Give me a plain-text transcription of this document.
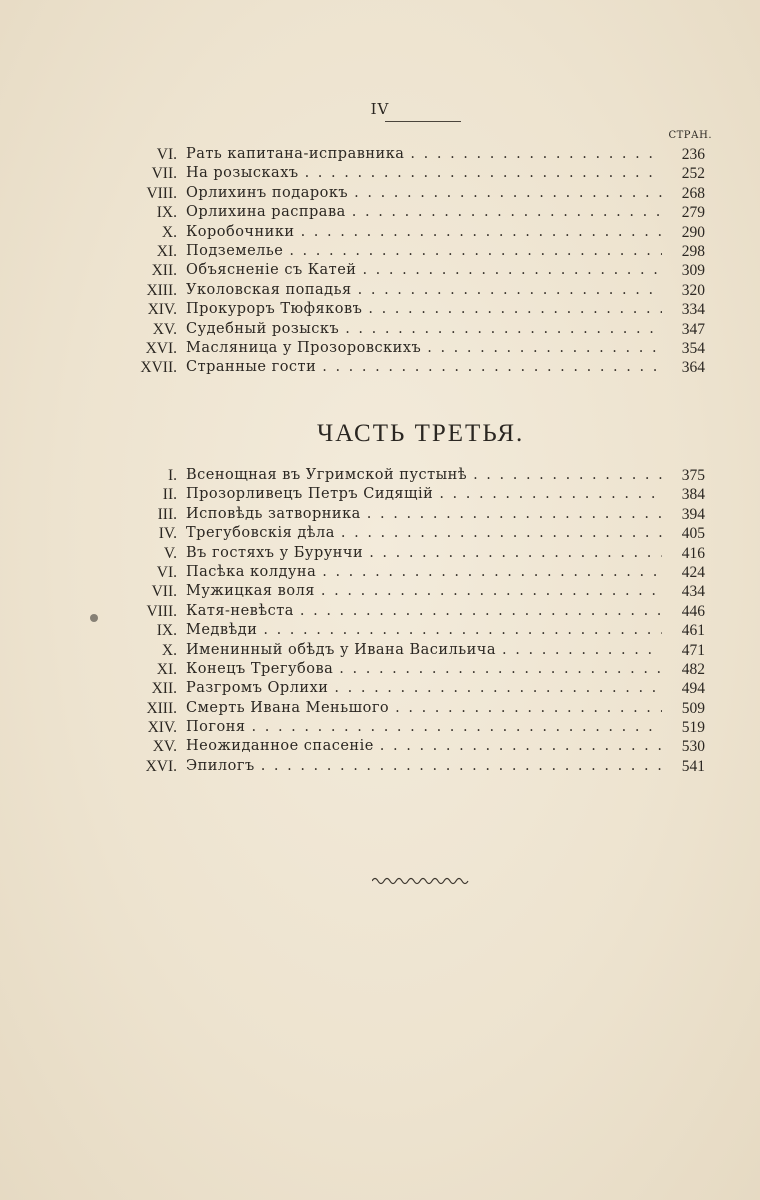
IV
СТРАН.
VI. Рать капитана-исправника . . .	236
VII. На розыскахъ . . .	252
VIII. Орлихинъ подарокъ . . .	268
IX. Орлихина расправа . . .	279
X. Коробочники . . .	290
XI. Подземелье . . .	298
XII. Объясненіе съ Катей . . .	309
XIII. Уколовская попадья . . .	320
XIV. Прокуроръ Тюфяковъ . . .	334
XV. Судебный розыскъ . . .	347
XVI. Масляница у Прозоровскихъ . . .	354
XVII. Странные гости . . .	364
ЧАСТЬ ТРЕТЬЯ.
I. Всенощная въ Угримской пустынѣ . . .	375
II. Прозорливецъ Петръ Сидящій . . .	384
III. Исповѣдь затворника . . .	394
IV. Трегубовскія дѣла . . .	405
V. Въ гостяхъ у Бурунчи . . .	416
VI. Пасѣка колдуна . . .	424
VII. Мужицкая воля . . .	434
VIII. Катя-невѣста . . .	446
IX. Медвѣди . . .	461
X. Именинный обѣдъ у Ивана Васильича . . .	471
XI. Конецъ Трегубова . . .	482
XII. Разгромъ Орлихи . . .	494
XIII. Смерть Ивана Меньшого . . .	509
XIV. Погоня . . .	519
XV. Неожиданное спасеніе . . .	530
XVI. Эпилогъ . . .	541
